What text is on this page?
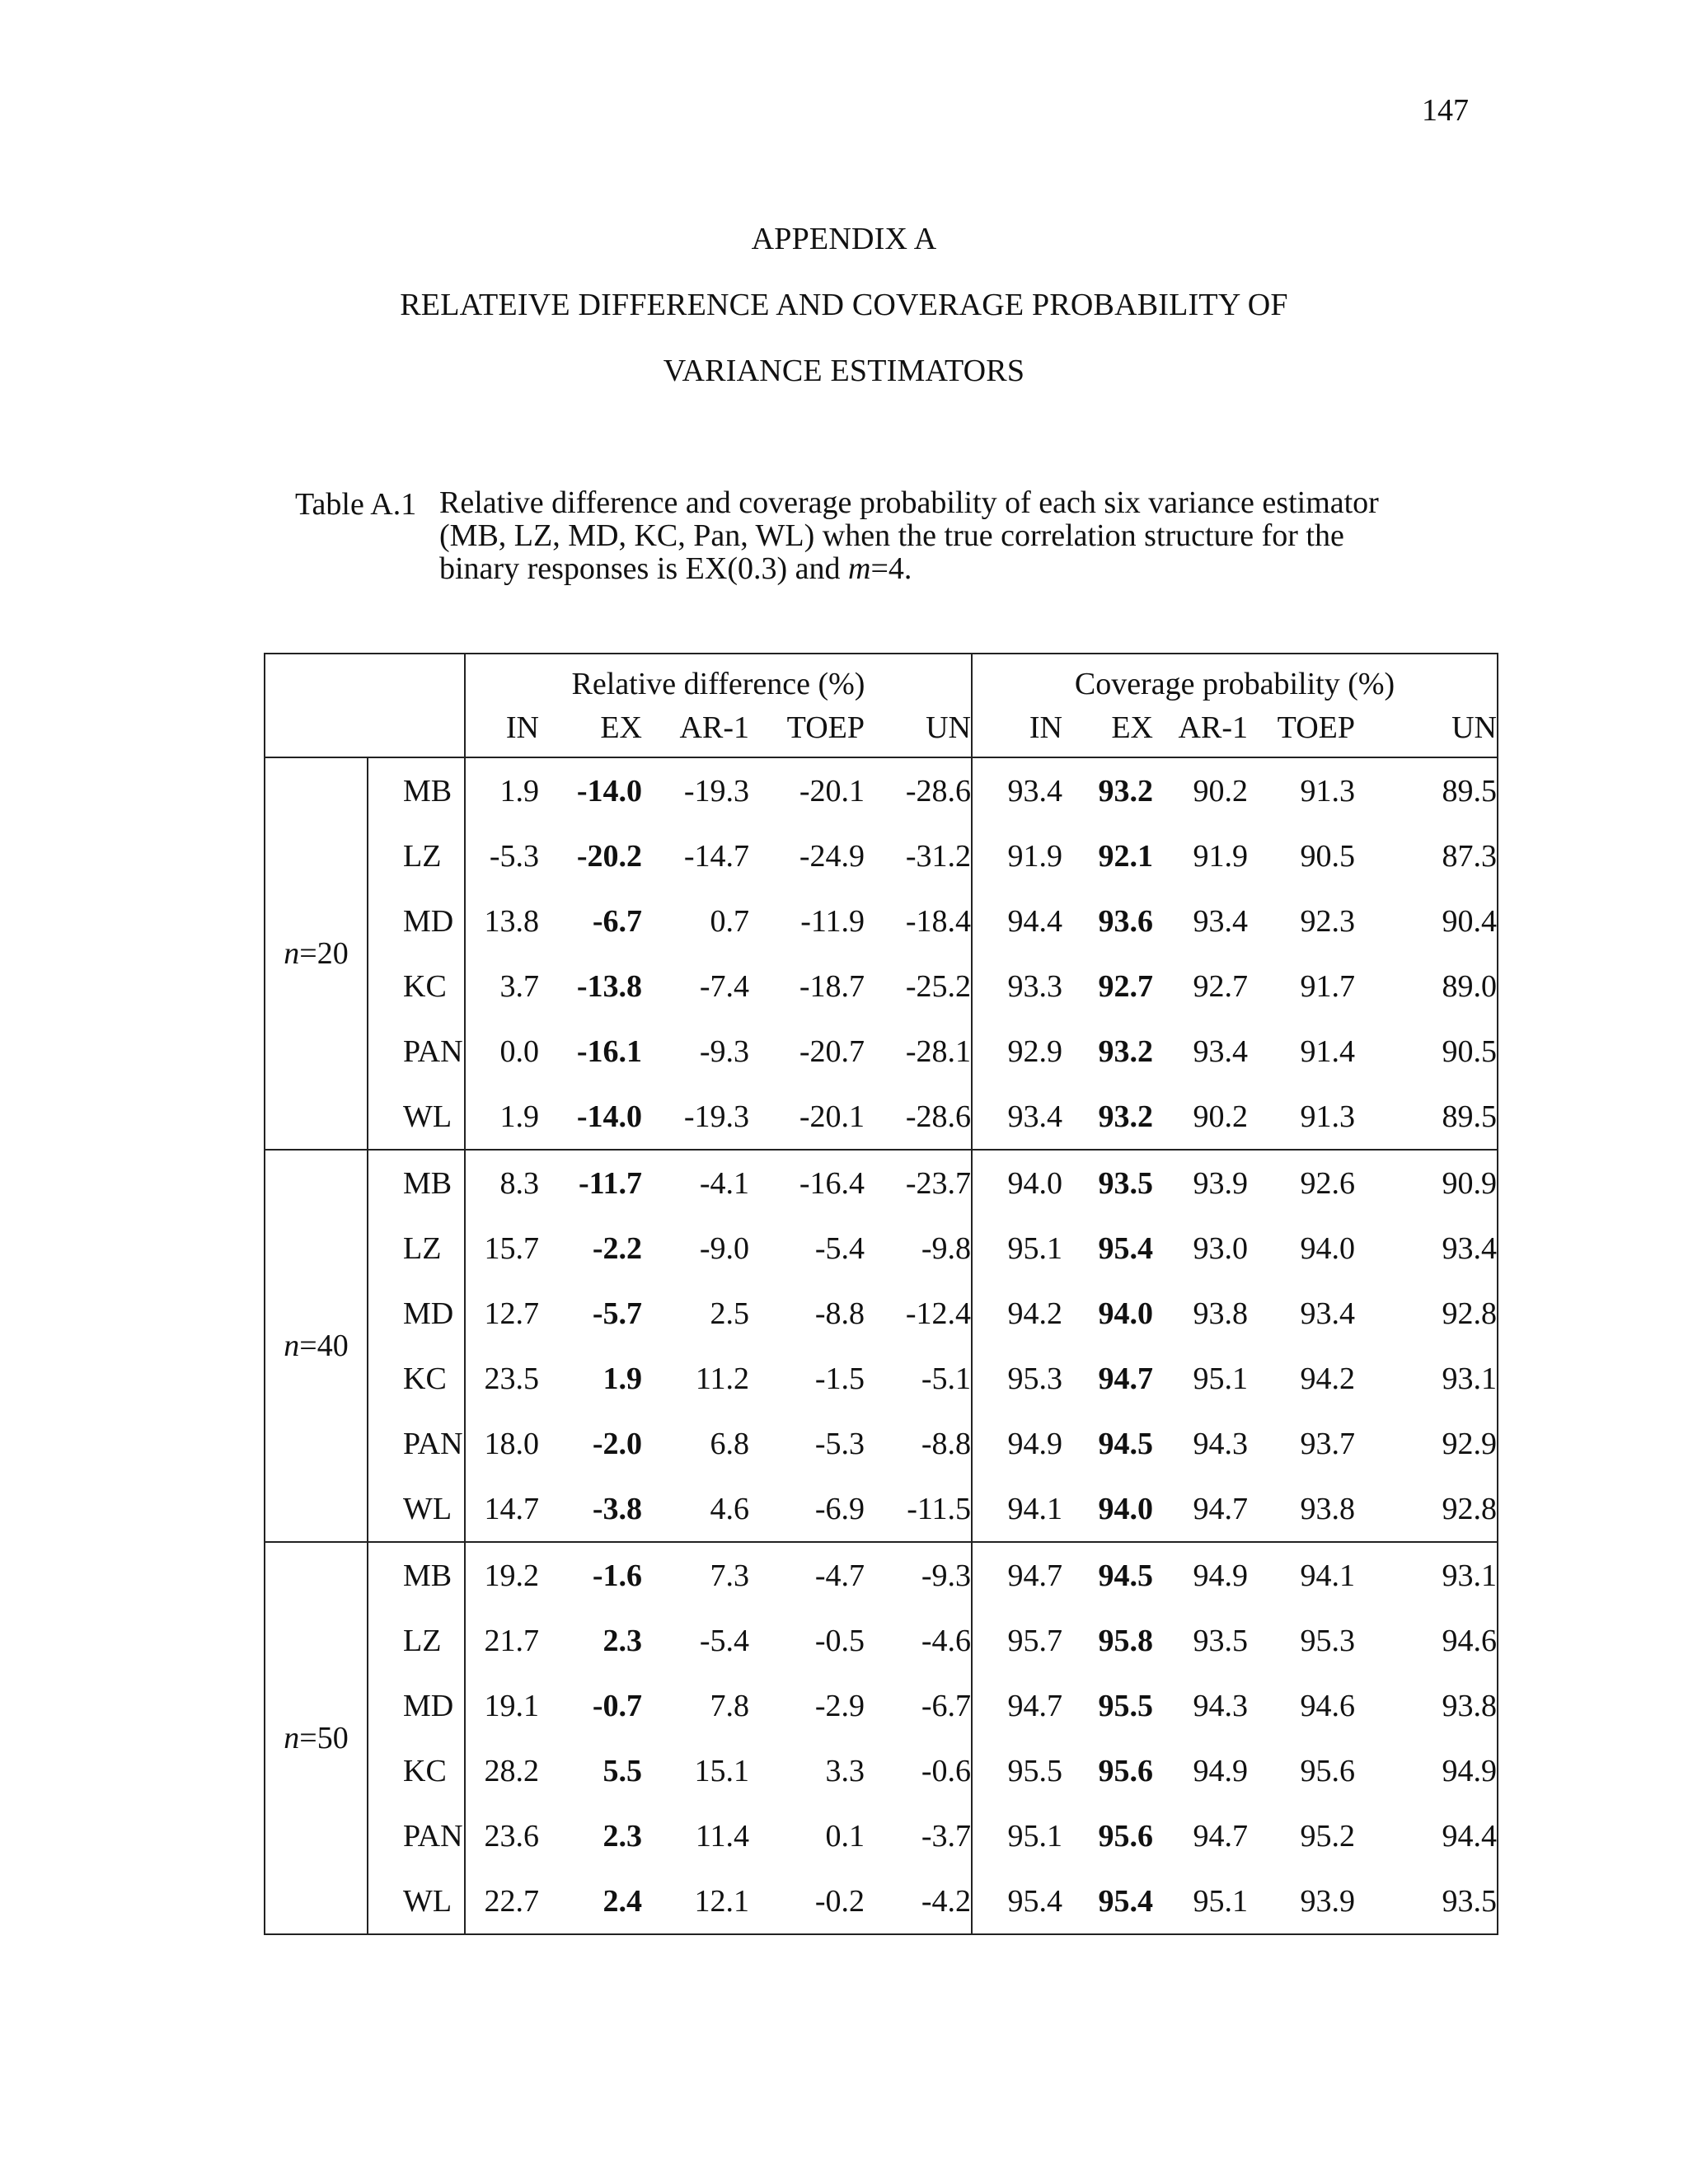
147
APPENDIX A
RELATEIVE DIFFERENCE AND COVERAGE PROBABILITY OF
VARIANCE ESTIMATORS
Table A.1 Relative difference and coverage probability of each six variance estimator
(MB, LZ, MD, KC, Pan, WL) when the true correlation structure for the
binary responses is EX(0.3) and m=4.
		Relative difference (%)					Coverage probability (%)				
		IN	EX	AR-1	TOEP	UN	IN	EX	AR-1	TOEP	UN
n=20	MB	1.9	-14.0	-19.3	-20.1	-28.6	93.4	93.2	90.2	91.3	89.5
	LZ	-5.3	-20.2	-14.7	-24.9	-31.2	91.9	92.1	91.9	90.5	87.3
	MD	13.8	-6.7	0.7	-11.9	-18.4	94.4	93.6	93.4	92.3	90.4
	KC	3.7	-13.8	-7.4	-18.7	-25.2	93.3	92.7	92.7	91.7	89.0
	PAN	0.0	-16.1	-9.3	-20.7	-28.1	92.9	93.2	93.4	91.4	90.5
	WL	1.9	-14.0	-19.3	-20.1	-28.6	93.4	93.2	90.2	91.3	89.5
n=40	MB	8.3	-11.7	-4.1	-16.4	-23.7	94.0	93.5	93.9	92.6	90.9
	LZ	15.7	-2.2	-9.0	-5.4	-9.8	95.1	95.4	93.0	94.0	93.4
	MD	12.7	-5.7	2.5	-8.8	-12.4	94.2	94.0	93.8	93.4	92.8
	KC	23.5	1.9	11.2	-1.5	-5.1	95.3	94.7	95.1	94.2	93.1
	PAN	18.0	-2.0	6.8	-5.3	-8.8	94.9	94.5	94.3	93.7	92.9
	WL	14.7	-3.8	4.6	-6.9	-11.5	94.1	94.0	94.7	93.8	92.8
n=50	MB	19.2	-1.6	7.3	-4.7	-9.3	94.7	94.5	94.9	94.1	93.1
	LZ	21.7	2.3	-5.4	-0.5	-4.6	95.7	95.8	93.5	95.3	94.6
	MD	19.1	-0.7	7.8	-2.9	-6.7	94.7	95.5	94.3	94.6	93.8
	KC	28.2	5.5	15.1	3.3	-0.6	95.5	95.6	94.9	95.6	94.9
	PAN	23.6	2.3	11.4	0.1	-3.7	95.1	95.6	94.7	95.2	94.4
	WL	22.7	2.4	12.1	-0.2	-4.2	95.4	95.4	95.1	93.9	93.5
